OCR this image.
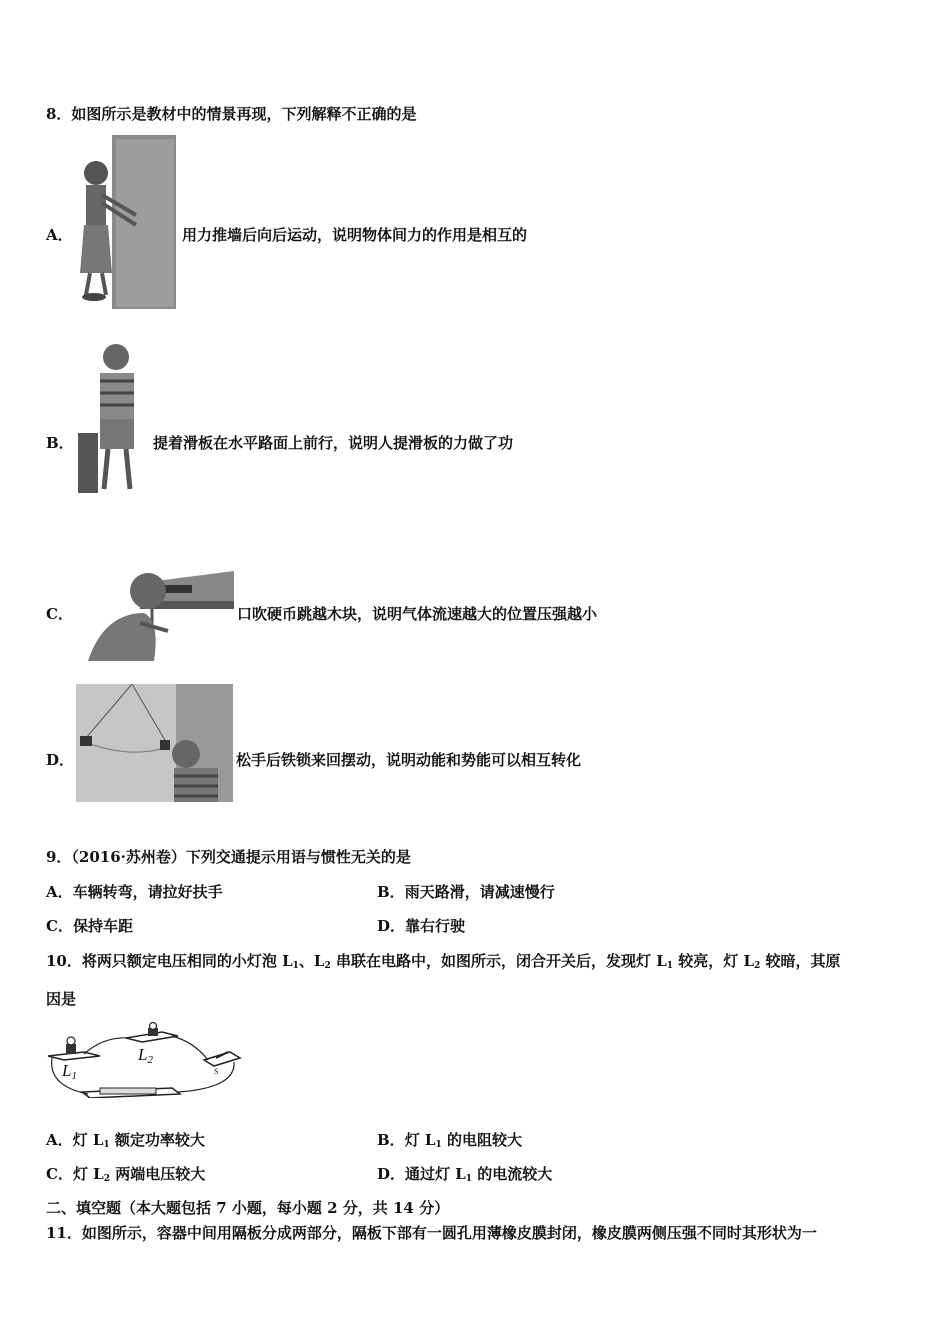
8．如图所示是教材中的情景再现，下列解释不正确的是
A．	用力推墙后向后运动，说明物体间力的作用是相互的
B．	提着滑板在水平路面上前行，说明人提滑板的力做了功
C．	口吹硬币跳越木块，说明气体流速越大的位置压强越小
D．	松手后铁锁来回摆动，说明动能和势能可以相互转化
9．（2016·苏州卷）下列交通提示用语与惯性无关的是
A．车辆转弯，请拉好扶手	B．雨天路滑，请减速慢行
C．保持车距	D．靠右行驶
10．将两只额定电压相同的小灯泡 $L_1$、$L_2$ 串联在电路中，如图所示，闭合开关后，发现灯 $L_1$ 较亮，灯 $L_2$ 较暗，其原
因是
L1
L2
S
A．灯 $L_1$ 额定功率较大	B．灯 $L_1$ 的电阻较大
C．灯 $L_2$ 两端电压较大	D．通过灯 $L_1$ 的电流较大
二、填空题（本大题包括 7 小题，每小题 2 分，共 14 分）
11．如图所示，容器中间用隔板分成两部分，隔板下部有一圆孔用薄橡皮膜封闭，橡皮膜两侧压强不同时其形状为一
